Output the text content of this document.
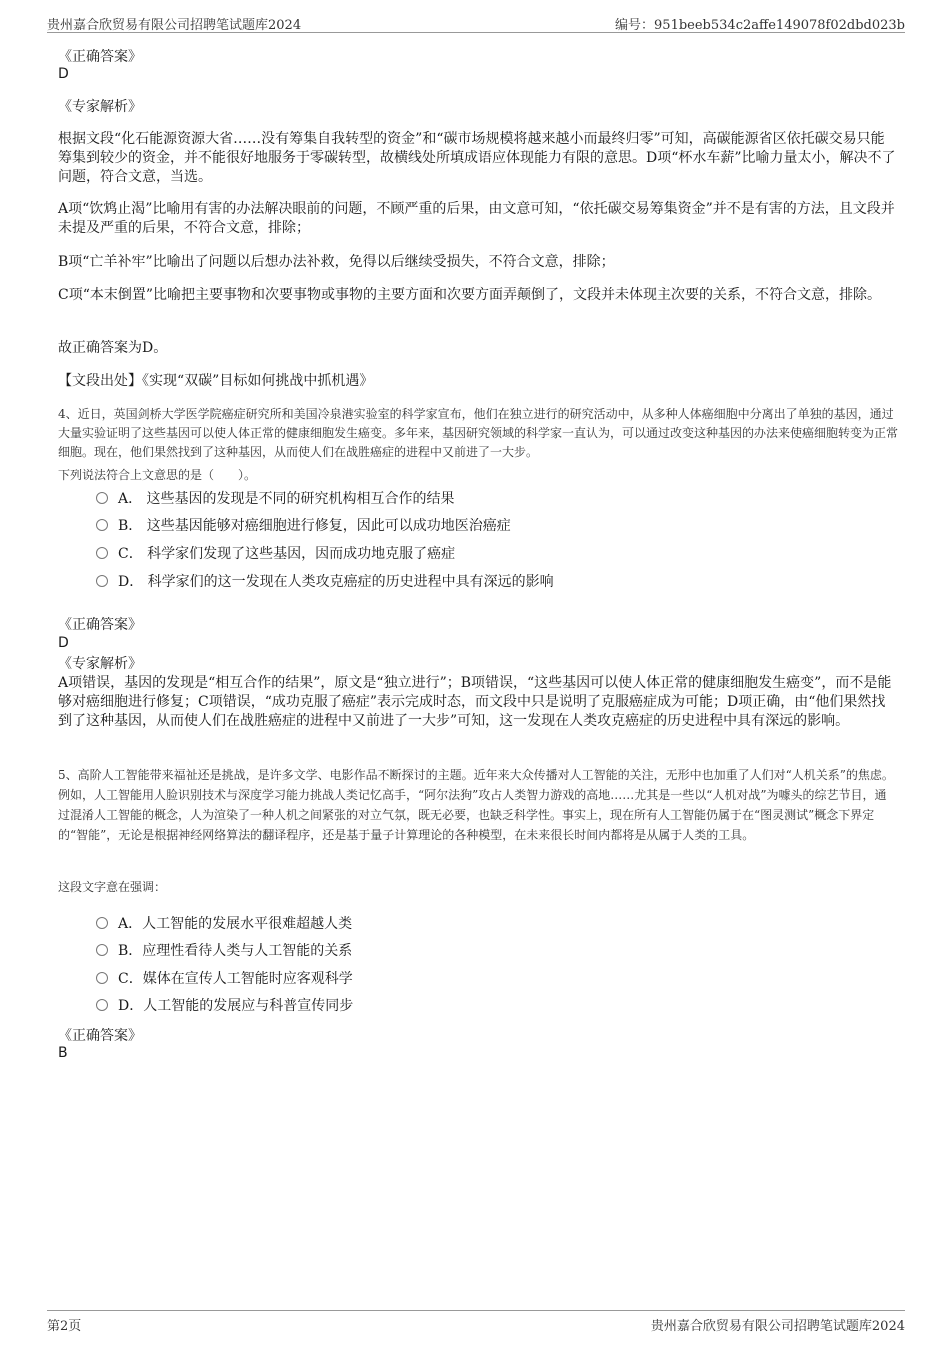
贵州嘉合欣贸易有限公司招聘笔试题库2024	编号：951beeb534c2affe149078f02dbd023b
《正确答案》
D
《专家解析》
根据文段“化石能源资源大省……没有筹集自我转型的资金”和“碳市场规模将越来越小而最终归零”可知，高碳能源省区依托碳交易只能筹集到较少的资金，并不能很好地服务于零碳转型，故横线处所填成语应体现能力有限的意思。D项“杯水车薪”比喻力量太小，解决不了问题，符合文意，当选。
A项“饮鸩止渴”比喻用有害的办法解决眼前的问题，不顾严重的后果，由文意可知，“依托碳交易筹集资金”并不是有害的方法，且文段并未提及严重的后果，不符合文意，排除；
B项“亡羊补牢”比喻出了问题以后想办法补救，免得以后继续受损失，不符合文意，排除；
C项“本末倒置”比喻把主要事物和次要事物或事物的主要方面和次要方面弄颠倒了，文段并未体现主次要的关系，不符合文意，排除。
故正确答案为D。
【文段出处】《实现“双碳”目标如何挑战中抓机遇》
4、近日，英国剑桥大学医学院癌症研究所和美国冷泉港实验室的科学家宣布，他们在独立进行的研究活动中，从多种人体癌细胞中分离出了单独的基因，通过大量实验证明了这些基因可以使人体正常的健康细胞发生癌变。多年来，基因研究领域的科学家一直认为，可以通过改变这种基因的办法来使癌细胞转变为正常细胞。现在，他们果然找到了这种基因，从而使人们在战胜癌症的进程中又前进了一大步。
下列说法符合上文意思的是（　　）。
A． 这些基因的发现是不同的研究机构相互合作的结果
B． 这些基因能够对癌细胞进行修复，因此可以成功地医治癌症
C． 科学家们发现了这些基因，因而成功地克服了癌症
D． 科学家们的这一发现在人类攻克癌症的历史进程中具有深远的影响
《正确答案》
D
《专家解析》
A项错误，基因的发现是“相互合作的结果”，原文是“独立进行”；B项错误，“这些基因可以使人体正常的健康细胞发生癌变”，而不是能够对癌细胞进行修复；C项错误，“成功克服了癌症”表示完成时态，而文段中只是说明了克服癌症成为可能；D项正确，由“他们果然找到了这种基因，从而使人们在战胜癌症的进程中又前进了一大步”可知，这一发现在人类攻克癌症的历史进程中具有深远的影响。
5、高阶人工智能带来福祉还是挑战，是许多文学、电影作品不断探讨的主题。近年来大众传播对人工智能的关注，无形中也加重了人们对“人机关系”的焦虑。例如，人工智能用人脸识别技术与深度学习能力挑战人类记忆高手，“阿尔法狗”攻占人类智力游戏的高地……尤其是一些以“人机对战”为噱头的综艺节目，通过混淆人工智能的概念，人为渲染了一种人机之间紧张的对立气氛，既无必要，也缺乏科学性。事实上，现在所有人工智能仍属于在“图灵测试”概念下界定的“智能”，无论是根据神经网络算法的翻译程序，还是基于量子计算理论的各种模型，在未来很长时间内都将是从属于人类的工具。
这段文字意在强调：
A．人工智能的发展水平很难超越人类
B．应理性看待人类与人工智能的关系
C．媒体在宣传人工智能时应客观科学
D．人工智能的发展应与科普宣传同步
《正确答案》
B
第2页	贵州嘉合欣贸易有限公司招聘笔试题库2024
